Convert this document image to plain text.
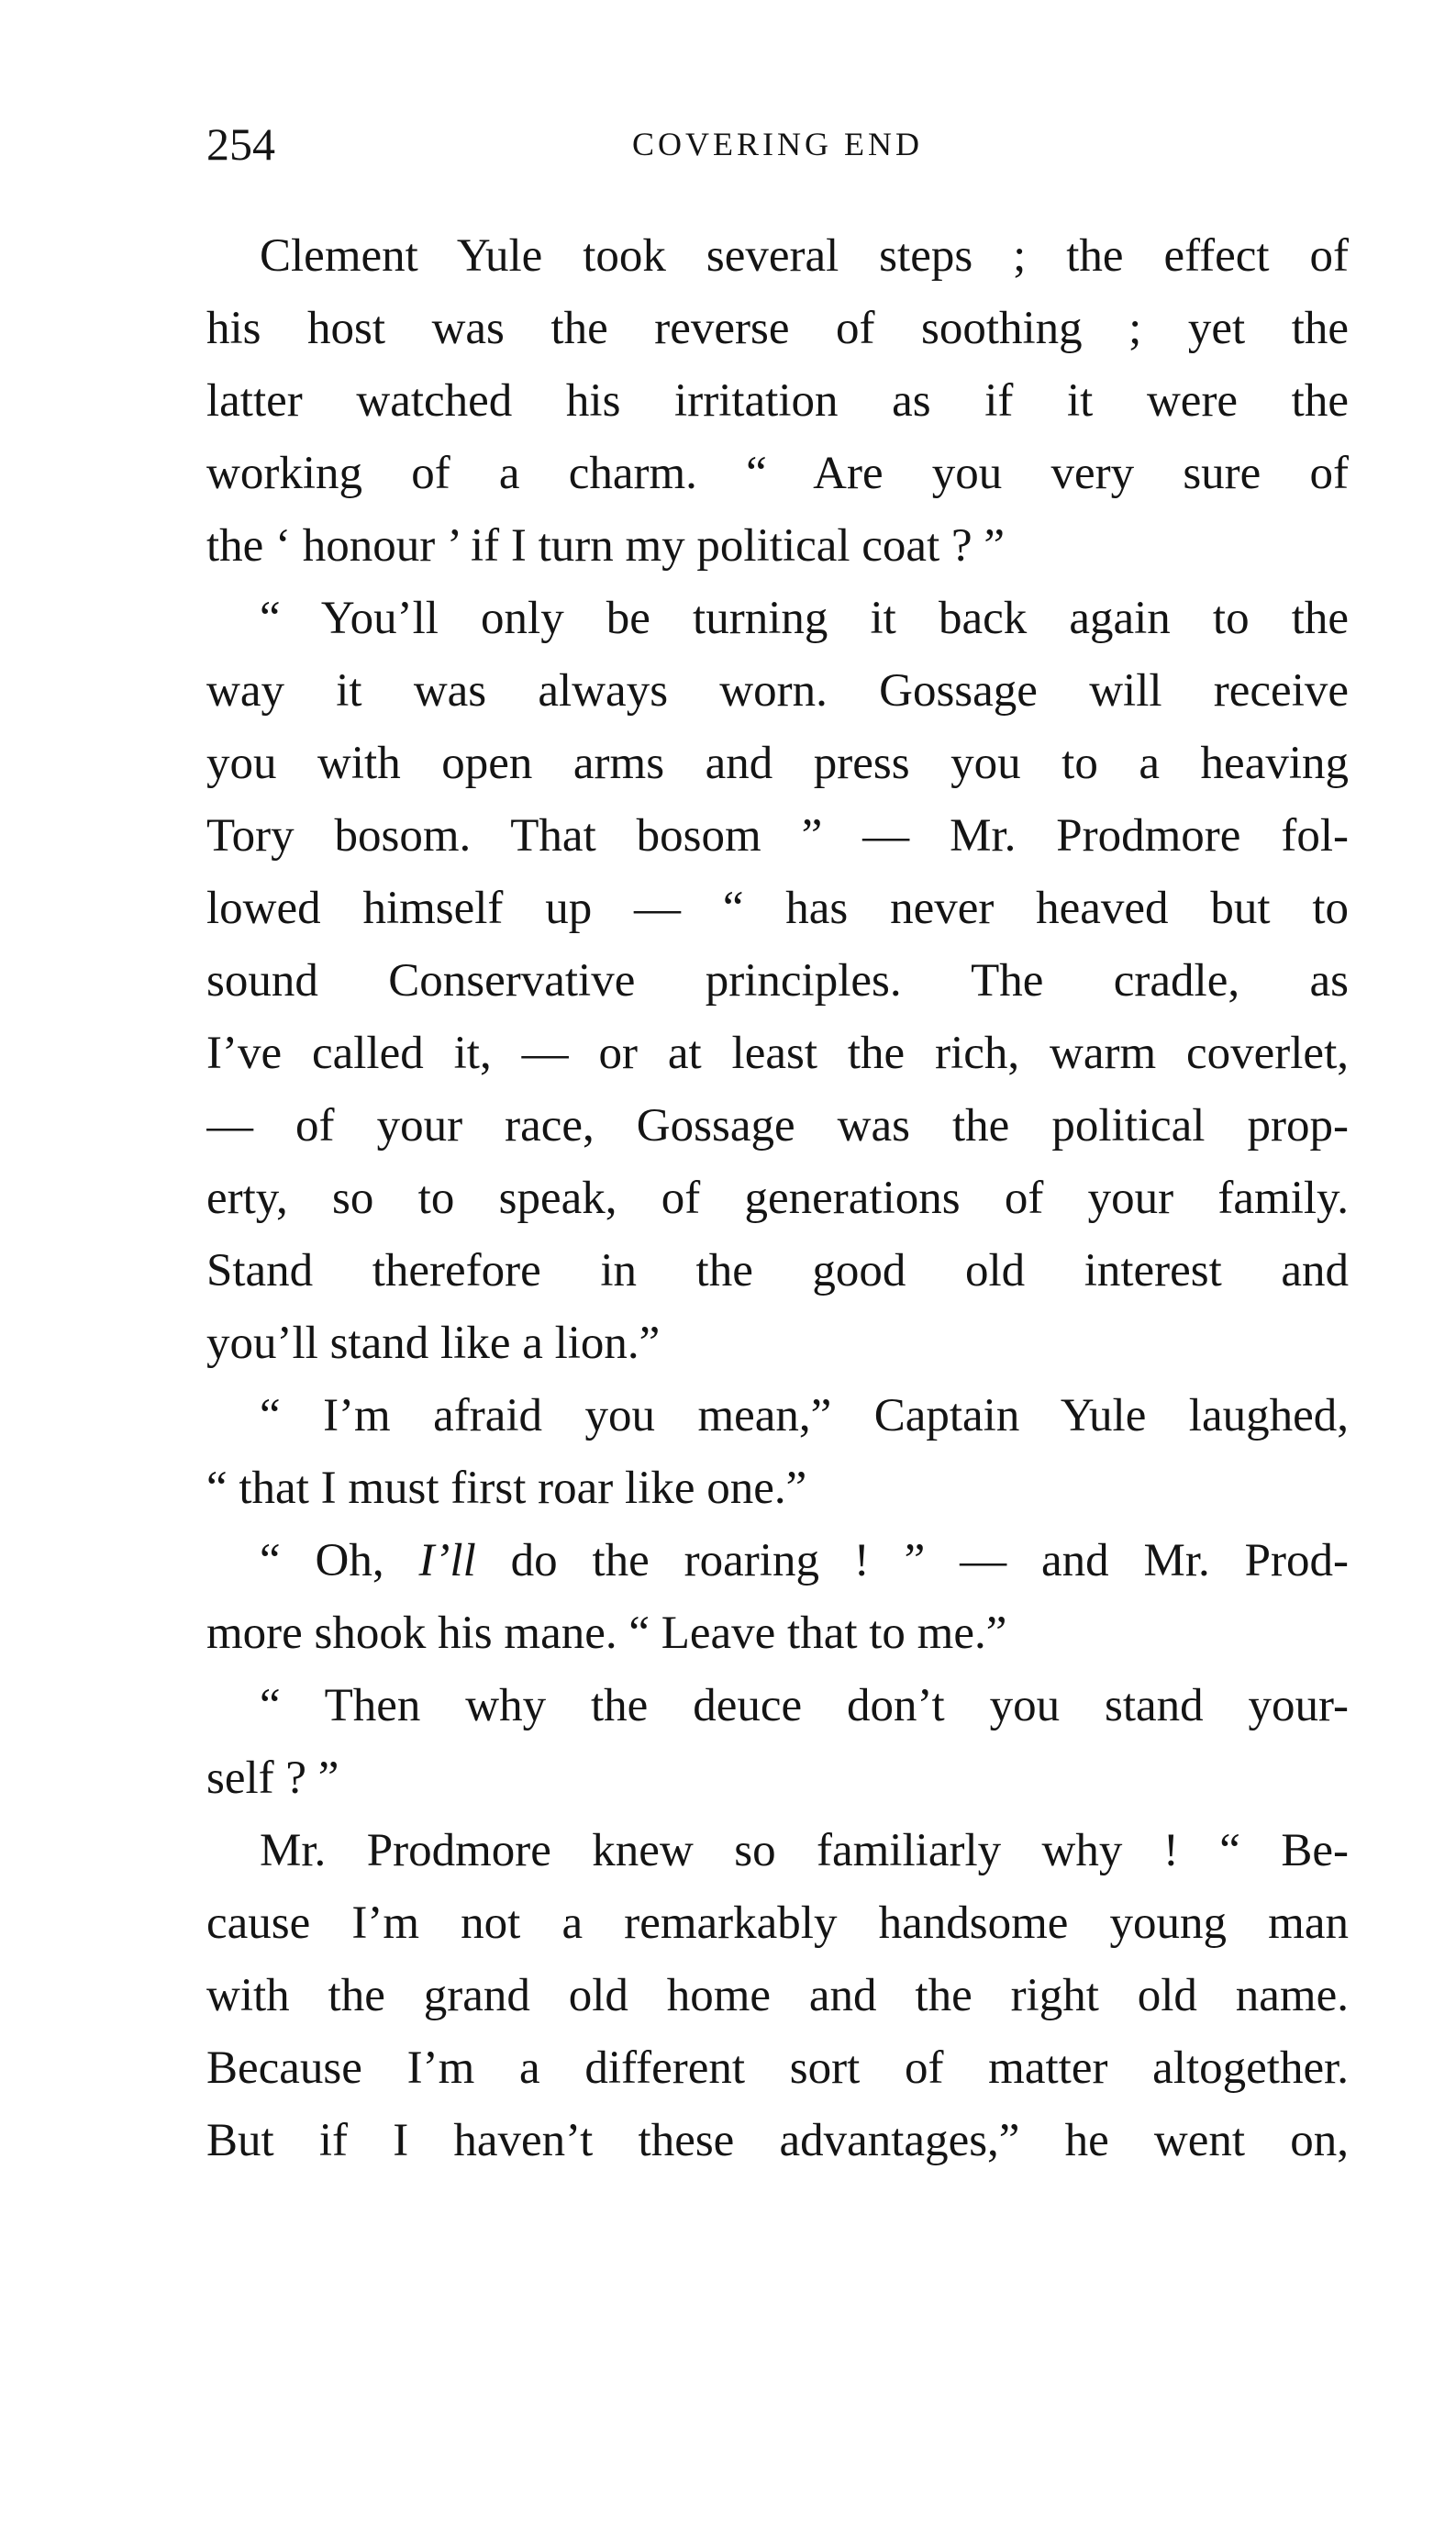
254	COVERING END
Clement Yule took several steps ; the effect of
his host was the reverse of soothing ; yet the
latter watched his irritation as if it were the
working of a charm. “ Are you very sure of
the ‘ honour ’ if I turn my political coat ? ”
“ You’ll only be turning it back again to the
way it was always worn. Gossage will receive
you with open arms and press you to a heaving
Tory bosom. That bosom ” — Mr. Prodmore fol-
lowed himself up — “ has never heaved but to
sound Conservative principles. The cradle, as
I’ve called it, — or at least the rich, warm coverlet,
— of your race, Gossage was the political prop-
erty, so to speak, of generations of your family.
Stand therefore in the good old interest and
you’ll stand like a lion.”
“ I’m afraid you mean,” Captain Yule laughed,
“ that I must first roar like one.”
“ Oh, I’ll do the roaring ! ” — and Mr. Prod-
more shook his mane. “ Leave that to me.”
“ Then why the deuce don’t you stand your-
self ? ”
Mr. Prodmore knew so familiarly why ! “ Be-
cause I’m not a remarkably handsome young man
with the grand old home and the right old name.
Because I’m a different sort of matter altogether.
But if I haven’t these advantages,” he went on,
